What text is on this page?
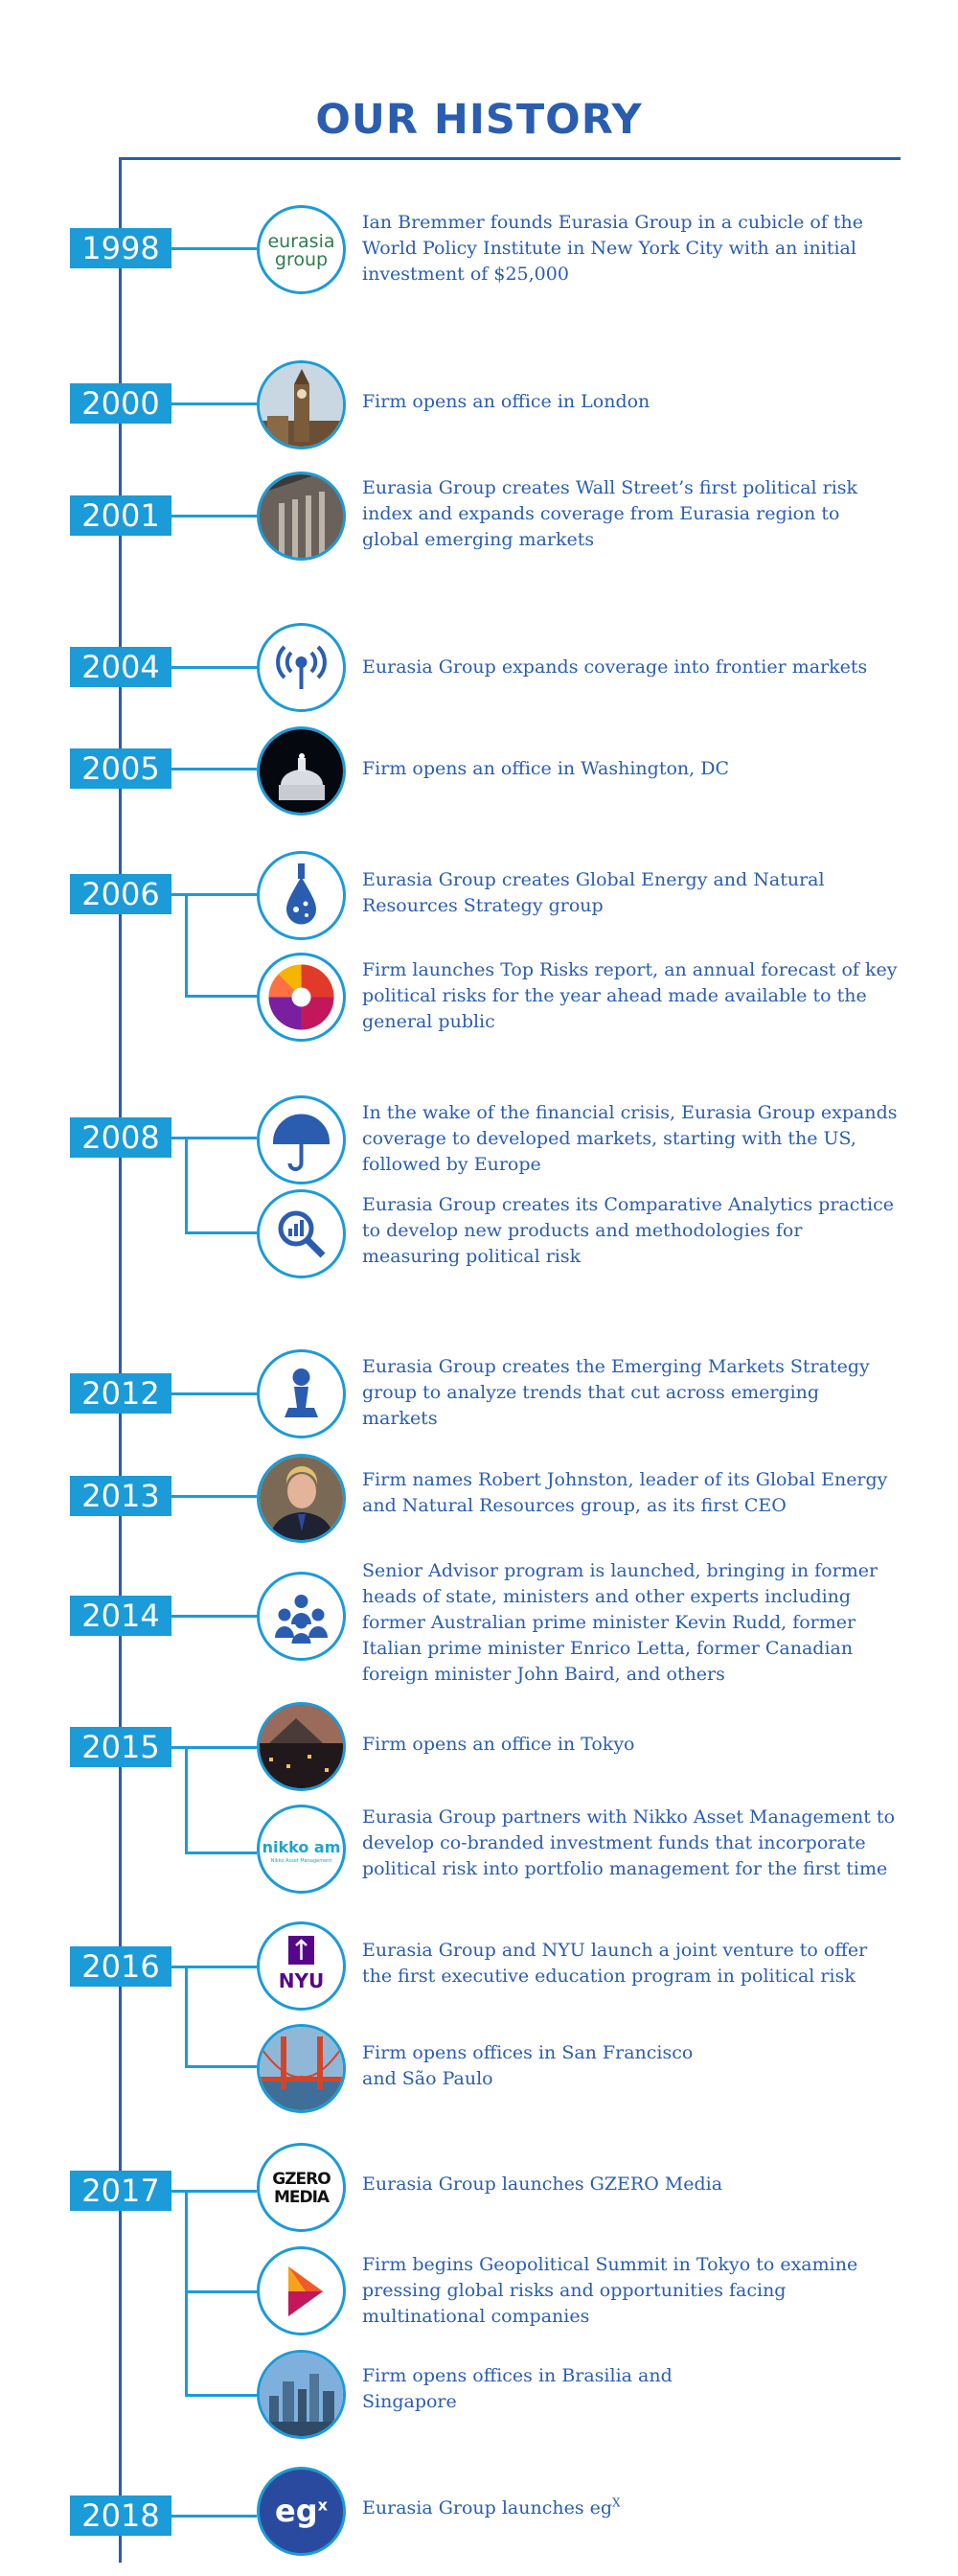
OUR HISTORY
1998
2000
2001
2004
2005
2006
2008
2012
2013
2014
2015
2016
2017
2018
eurasia
group
Ian Bremmer founds Eurasia Group in a cubicle of the World Policy Institute in New York City with an initial investment of $25,000
Firm opens an office in London
Eurasia Group creates Wall Street’s first political risk index and expands coverage from Eurasia region to global emerging markets
Eurasia Group expands coverage into frontier markets
Firm opens an office in Washington, DC
Eurasia Group creates Global Energy and Natural Resources Strategy group
Firm launches Top Risks report, an annual forecast of key political risks for the year ahead made available to the general public
In the wake of the financial crisis, Eurasia Group expands coverage to developed markets, starting with the US, followed by Europe
Eurasia Group creates its Comparative Analytics practice to develop new products and methodologies for measuring political risk
Eurasia Group creates the Emerging Markets Strategy group to analyze trends that cut across emerging markets
Firm names Robert Johnston, leader of its Global Energy and Natural Resources group, as its first CEO
Senior Advisor program is launched, bringing in former heads of state, ministers and other experts including former Australian prime minister Kevin Rudd, former Italian prime minister Enrico Letta, former Canadian foreign minister John Baird, and others
Firm opens an office in Tokyo
nikko am
Nikko Asset Management
Eurasia Group partners with Nikko Asset Management to develop co-branded investment funds that incorporate political risk into portfolio management for the first time
NYU
Eurasia Group and NYU launch a joint venture to offer the first executive education program in political risk
Firm opens offices in San Francisco
and São Paulo
GZERO
MEDIA
Eurasia Group launches GZERO Media
Firm begins Geopolitical Summit in Tokyo to examine pressing global risks and opportunities facing multinational companies
Firm opens offices in Brasilia and
Singapore
$eg^x$	Eurasia Group launches $eg^X$
